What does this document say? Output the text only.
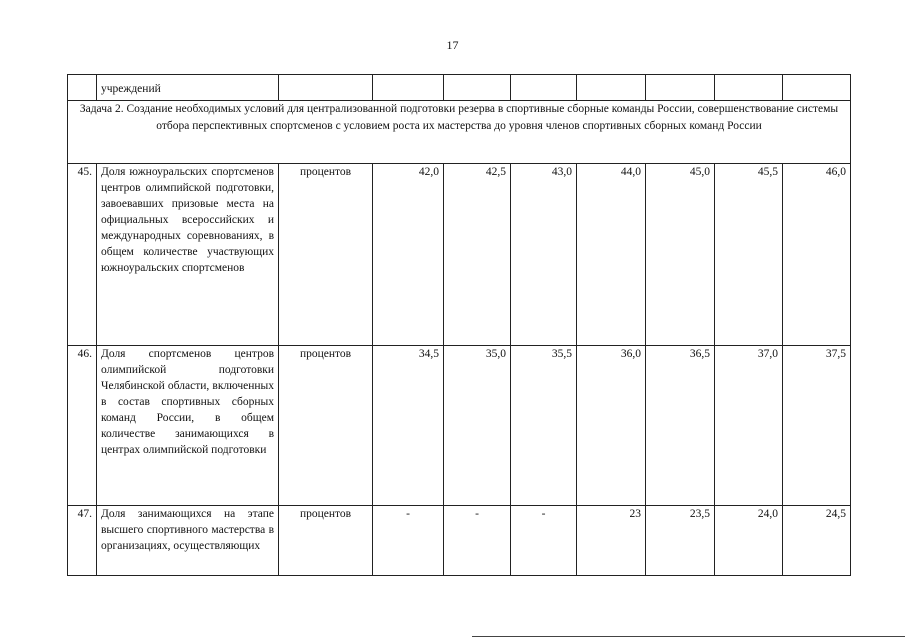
17
	учреждений								
Задача 2. Создание необходимых условий для централизованной подготовки резерва в спортивные сборные команды России, совершенствование системы отбора перспективных спортсменов с условием роста их мастерства до уровня членов спортивных сборных команд России									
45.	Доля южноуральских спортсменов центров олимпийской подготовки, завоевавших призовые места на официальных всероссийских и международных соревнованиях, в общем количестве участвующих южноуральских спортсменов	процентов	42,0	42,5	43,0	44,0	45,0	45,5	46,0
46.	Доля спортсменов центров олимпийской подготовки Челябинской области, включенных в состав спортивных сборных команд России, в общем количестве занимающихся в центрах олимпийской подготовки	процентов	34,5	35,0	35,5	36,0	36,5	37,0	37,5
47.	Доля занимающихся на этапе высшего спортивного мастерства в организациях, осуществляющих	процентов	-	-	-	23	23,5	24,0	24,5
